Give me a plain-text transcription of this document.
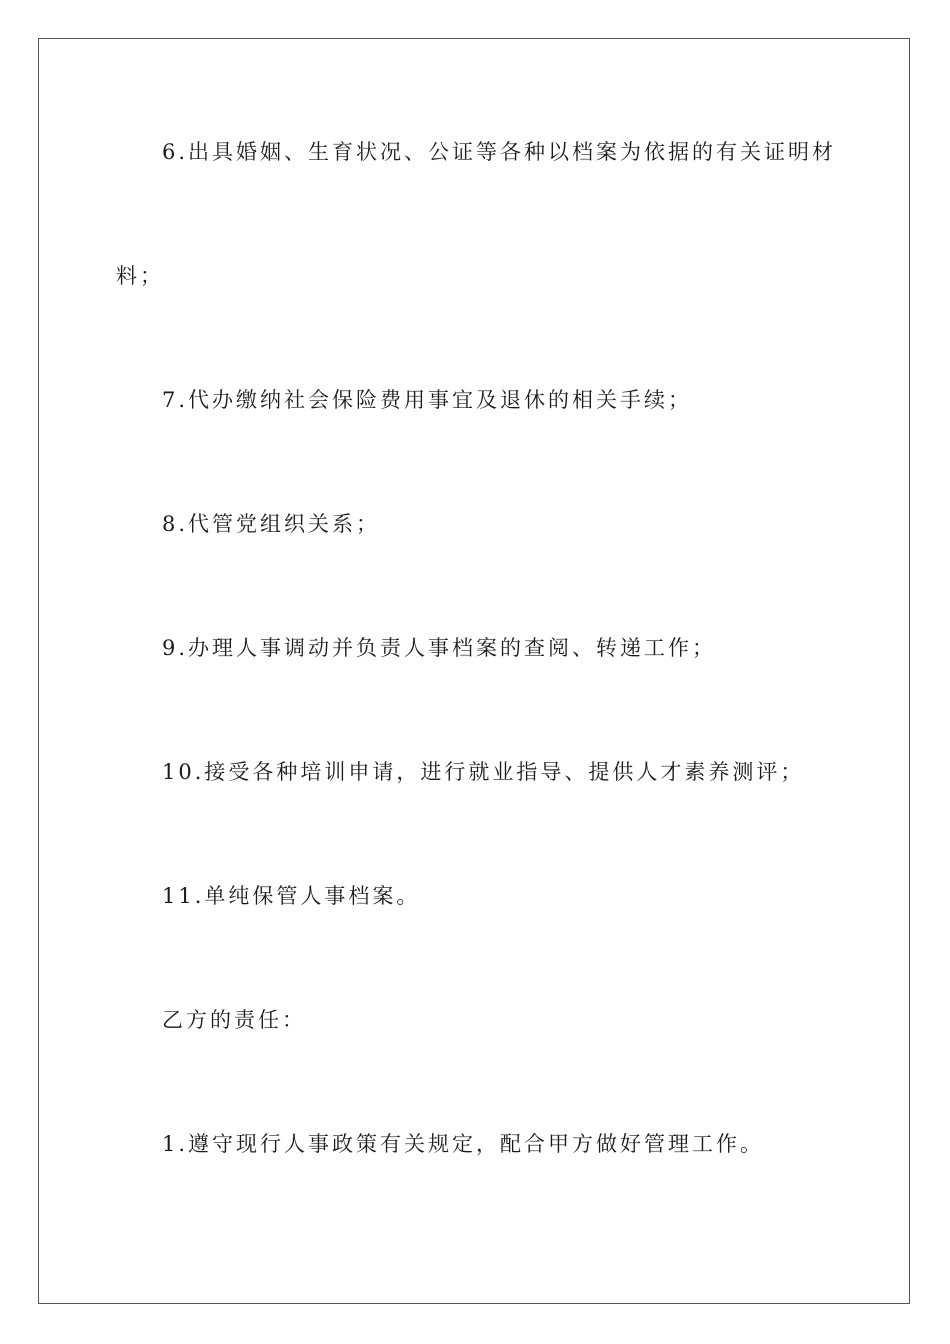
6.出具婚姻、生育状况、公证等各种以档案为依据的有关证明材

料；

7.代办缴纳社会保险费用事宜及退休的相关手续；

8.代管党组织关系；

9.办理人事调动并负责人事档案的查阅、转递工作；

10.接受各种培训申请，进行就业指导、提供人才素养测评；

11.单纯保管人事档案。

乙方的责任：

1.遵守现行人事政策有关规定，配合甲方做好管理工作。
